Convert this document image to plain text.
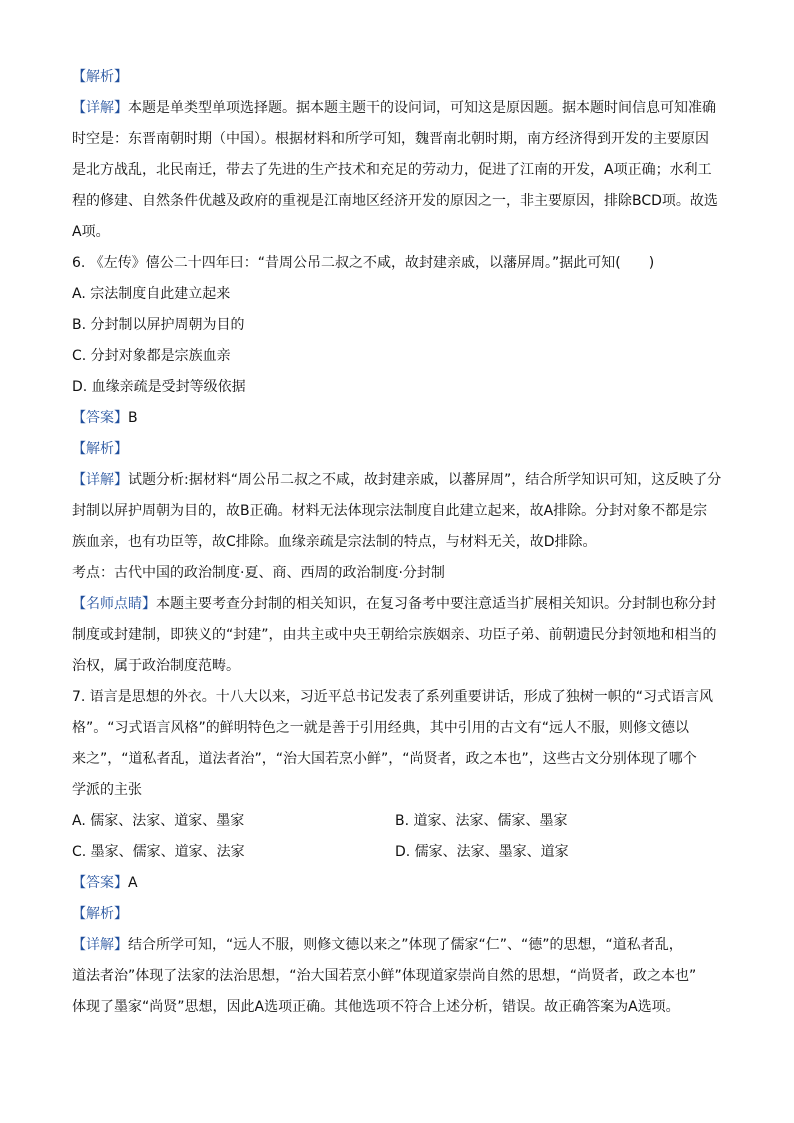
【解析】
【详解】本题是单类型单项选择题。据本题主题干的设问词，可知这是原因题。据本题时间信息可知准确
时空是：东晋南朝时期（中国）。根据材料和所学可知，魏晋南北朝时期，南方经济得到开发的主要原因
是北方战乱，北民南迁，带去了先进的生产技术和充足的劳动力，促进了江南的开发，A项正确；水利工
程的修建、自然条件优越及政府的重视是江南地区经济开发的原因之一，非主要原因，排除BCD项。故选
A项。
6. 《左传》僖公二十四年曰：“昔周公吊二叔之不咸，故封建亲戚，以藩屏周。”据此可知(　　)
A. 宗法制度自此建立起来
B. 分封制以屏护周朝为目的
C. 分封对象都是宗族血亲
D. 血缘亲疏是受封等级依据
【答案】B
【解析】
【详解】试题分析:据材料“周公吊二叔之不咸，故封建亲戚，以蕃屏周”，结合所学知识可知，这反映了分
封制以屏护周朝为目的，故B正确。材料无法体现宗法制度自此建立起来，故A排除。分封对象不都是宗
族血亲，也有功臣等，故C排除。血缘亲疏是宗法制的特点，与材料无关，故D排除。
考点：古代中国的政治制度·夏、商、西周的政治制度·分封制
【名师点睛】本题主要考查分封制的相关知识，在复习备考中要注意适当扩展相关知识。分封制也称分封
制度或封建制，即狭义的“封建”，由共主或中央王朝给宗族姻亲、功臣子弟、前朝遗民分封领地和相当的
治权，属于政治制度范畴。
7. 语言是思想的外衣。十八大以来，习近平总书记发表了系列重要讲话，形成了独树一帜的“习式语言风
格”。“习式语言风格”的鲜明特色之一就是善于引用经典，其中引用的古文有“远人不服，则修文德以
来之”，“道私者乱，道法者治”，“治大国若烹小鲜”，“尚贤者，政之本也”，这些古文分别体现了哪个
学派的主张
A. 儒家、法家、道家、墨家	B. 道家、法家、儒家、墨家
C. 墨家、儒家、道家、法家	D. 儒家、法家、墨家、道家
【答案】A
【解析】
【详解】结合所学可知，“远人不服，则修文德以来之”体现了儒家“仁”、“德”的思想，“道私者乱，
道法者治”体现了法家的法治思想，“治大国若烹小鲜”体现道家崇尚自然的思想，“尚贤者，政之本也”
体现了墨家“尚贤”思想，因此A选项正确。其他选项不符合上述分析，错误。故正确答案为A选项。
